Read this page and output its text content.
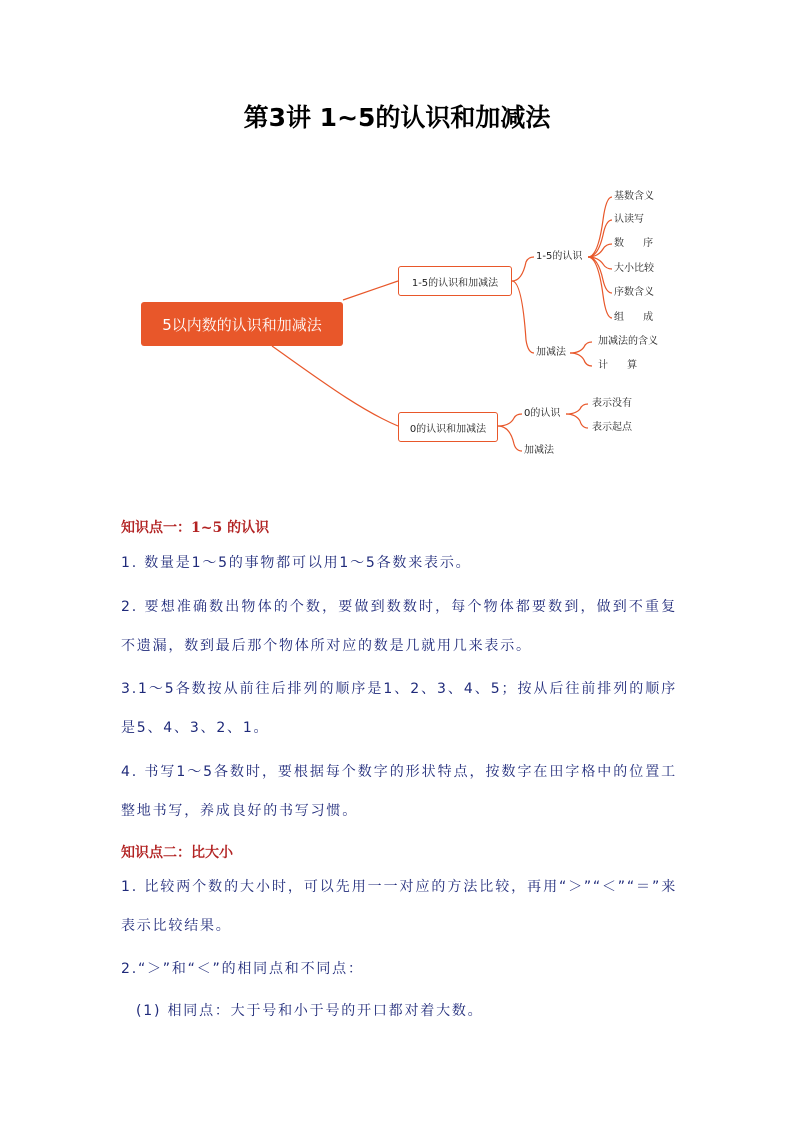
第3讲 1~5的认识和加减法
5以内数的认识和加减法
1-5的认识和加减法
0的认识和加减法
1-5的认识
加减法
0的认识
加减法
基数含义
认读写
数      序
大小比较
序数含义
组      成
加减法的含义
计      算
表示没有
表示起点
知识点一：1~5 的认识
1. 数量是1～5的事物都可以用1～5各数来表示。
2. 要想准确数出物体的个数，要做到数数时，每个物体都要数到，做到不重复不遗漏，数到最后那个物体所对应的数是几就用几来表示。
3.1～5各数按从前往后排列的顺序是1、2、3、4、5；按从后往前排列的顺序是5、4、3、2、1。
4. 书写1～5各数时，要根据每个数字的形状特点，按数字在田字格中的位置工整地书写，养成良好的书写习惯。
知识点二：比大小
1. 比较两个数的大小时，可以先用一一对应的方法比较，再用“＞”“＜”“＝”来表示比较结果。
2.“＞”和“＜”的相同点和不同点：
(1) 相同点：大于号和小于号的开口都对着大数。
